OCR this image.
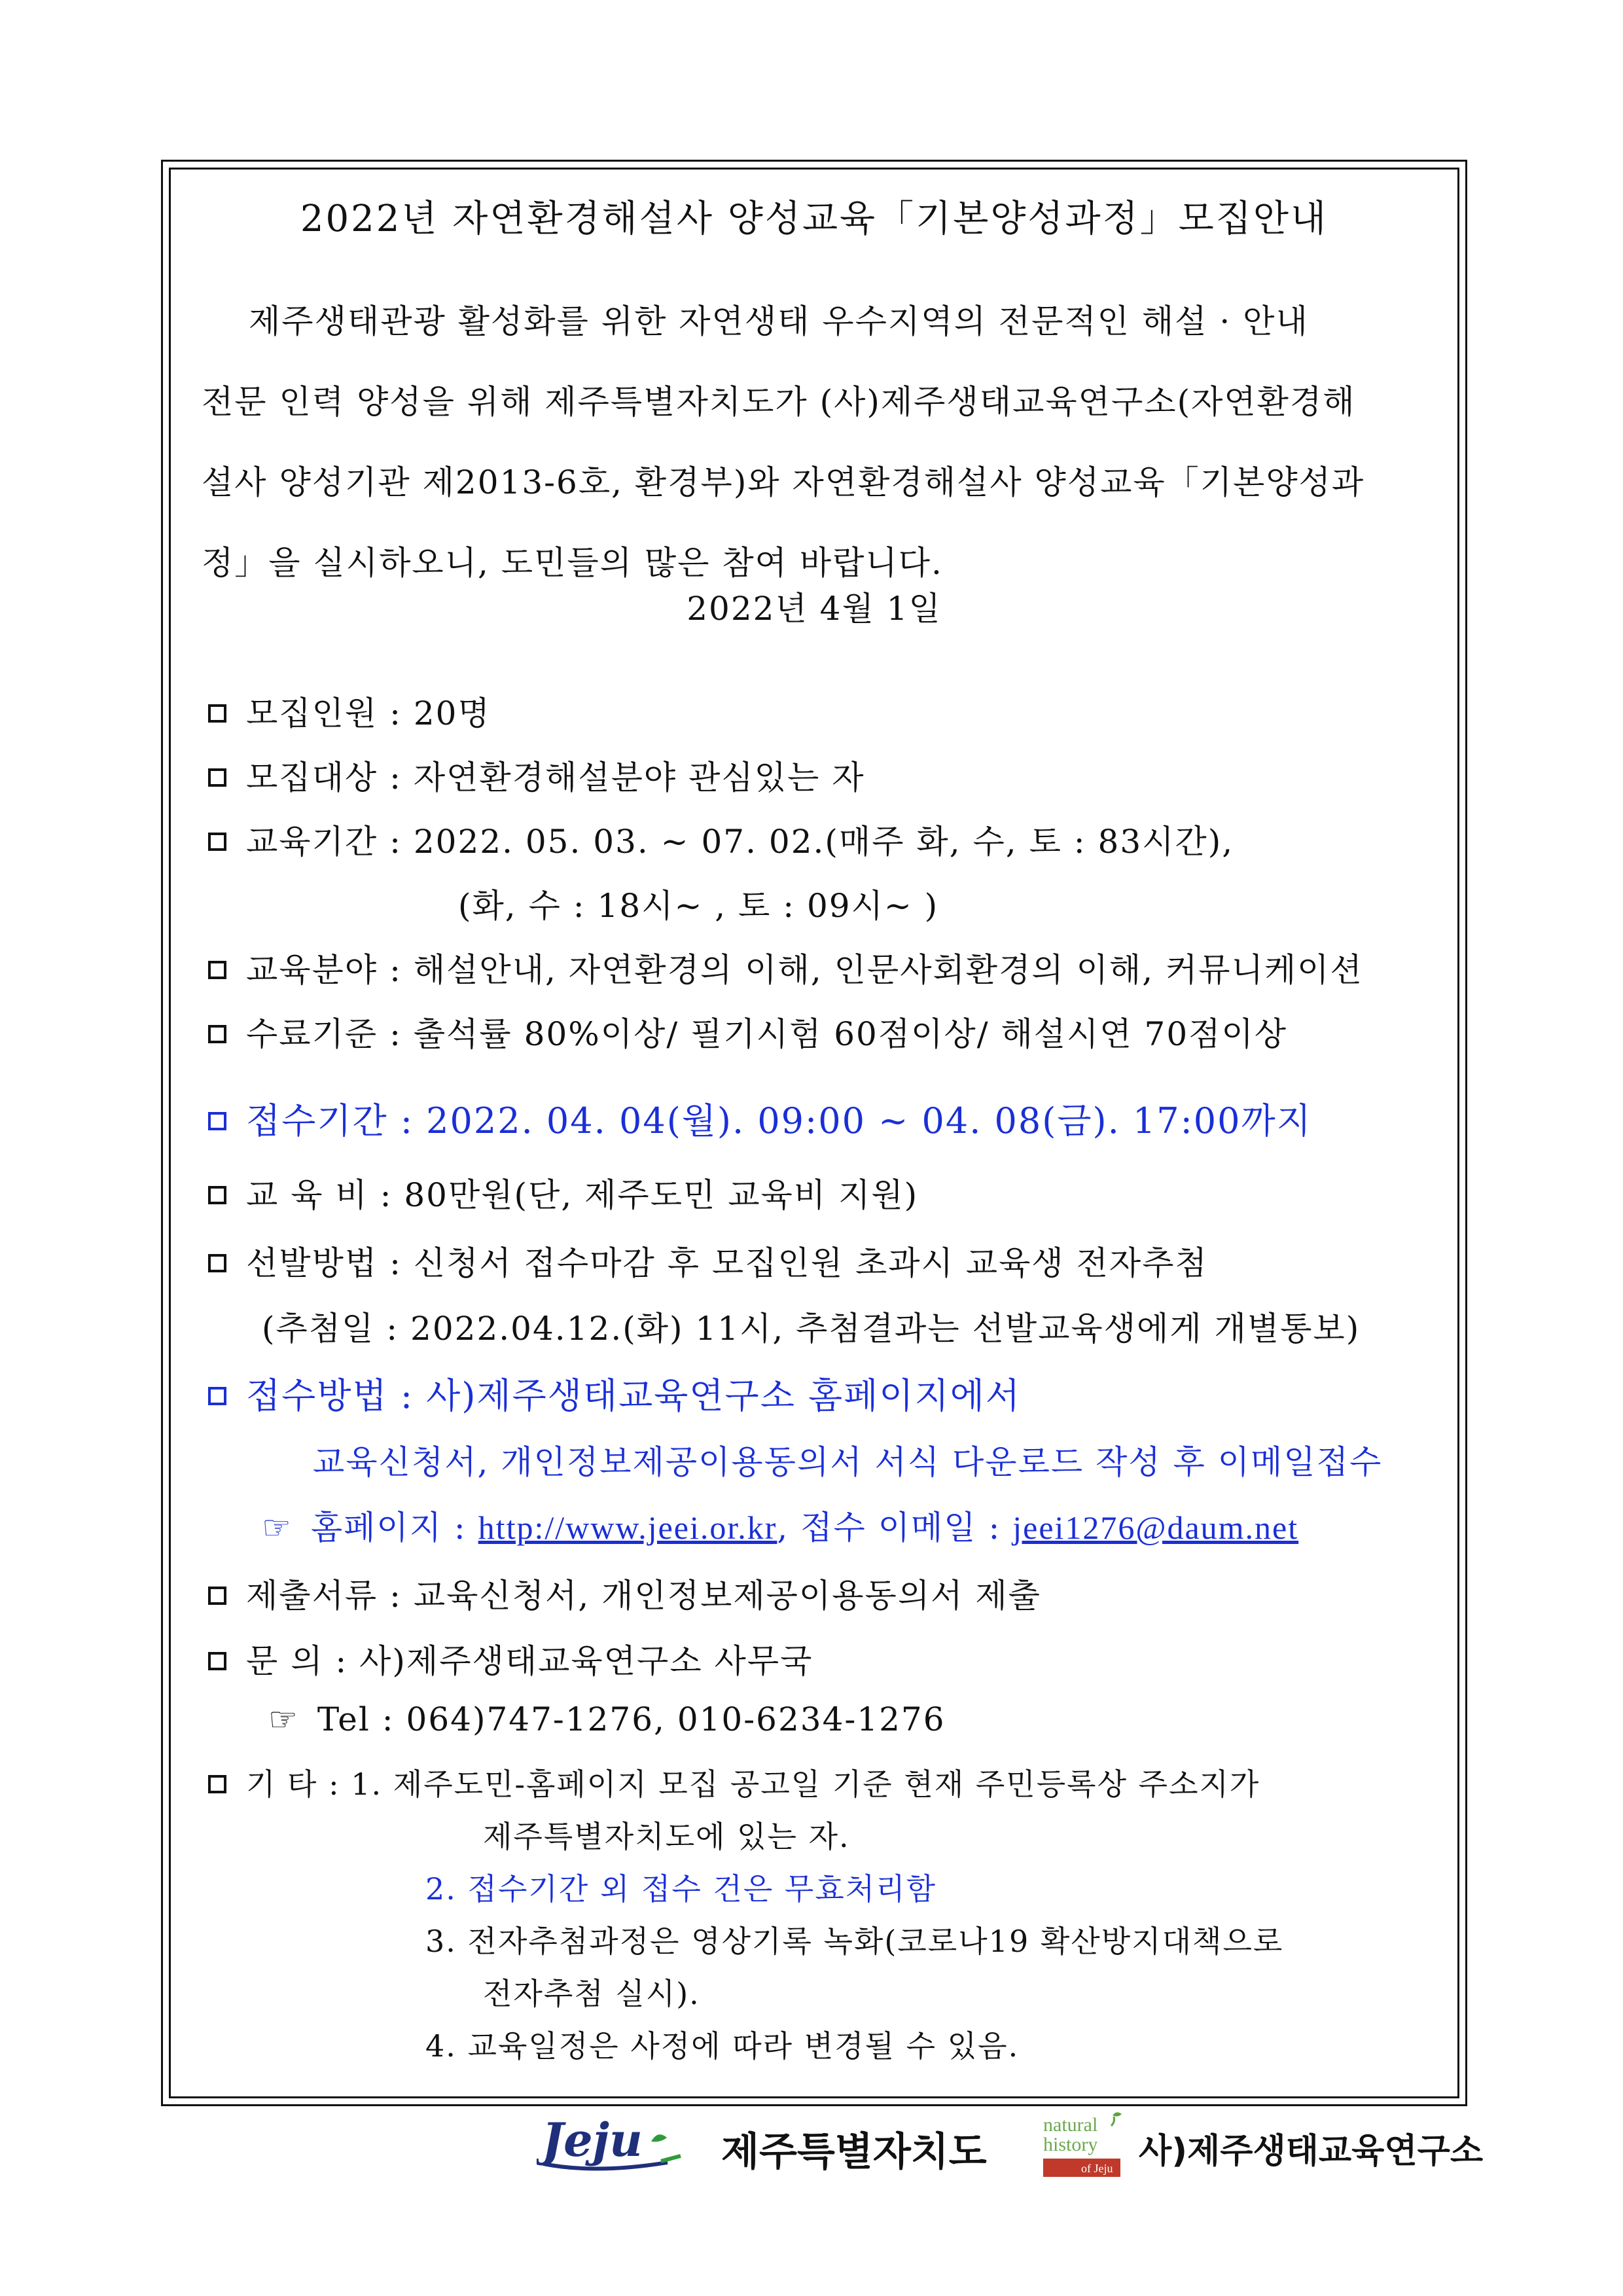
2022년 자연환경해설사 양성교육「기본양성과정」모집안내
제주생태관광 활성화를 위한 자연생태 우수지역의 전문적인 해설 · 안내
전문 인력 양성을 위해 제주특별자치도가 (사)제주생태교육연구소(자연환경해
설사 양성기관 제2013-6호, 환경부)와 자연환경해설사 양성교육「기본양성과
정」을 실시하오니, 도민들의 많은 참여 바랍니다.
2022년 4월 1일
모집인원 : 20명
모집대상 : 자연환경해설분야 관심있는 자
교육기간 : 2022. 05. 03. ~ 07. 02.(매주 화, 수, 토 : 83시간),
(화, 수 : 18시~ , 토 : 09시~ )
교육분야 : 해설안내, 자연환경의 이해, 인문사회환경의 이해, 커뮤니케이션
수료기준 : 출석률 80%이상/ 필기시험 60점이상/ 해설시연 70점이상
접수기간 : 2022. 04. 04(월). 09:00 ~ 04. 08(금). 17:00까지
교 육 비 : 80만원(단, 제주도민 교육비 지원)
선발방법 : 신청서 접수마감 후 모집인원 초과시 교육생 전자추첨
(추첨일 : 2022.04.12.(화) 11시, 추첨결과는 선발교육생에게 개별통보)
접수방법 : 사)제주생태교육연구소 홈페이지에서
교육신청서, 개인정보제공이용동의서 서식 다운로드 작성 후 이메일접수
☞ 홈페이지 : http://www.jeei.or.kr, 접수 이메일 : jeei1276@daum.net
제출서류 : 교육신청서, 개인정보제공이용동의서 제출
문 의 : 사)제주생태교육연구소 사무국
☞ Tel : 064)747-1276, 010-6234-1276
기 타 : 1. 제주도민-홈페이지 모집 공고일 기준 현재 주민등록상 주소지가
제주특별자치도에 있는 자.
2. 접수기간 외 접수 건은 무효처리함
3. 전자추첨과정은 영상기록 녹화(코로나19 확산방지대책으로
전자추첨 실시).
4. 교육일정은 사정에 따라 변경될 수 있음.
Jeju 제주특별자치도
natural
history
of Jeju 사)제주생태교육연구소
